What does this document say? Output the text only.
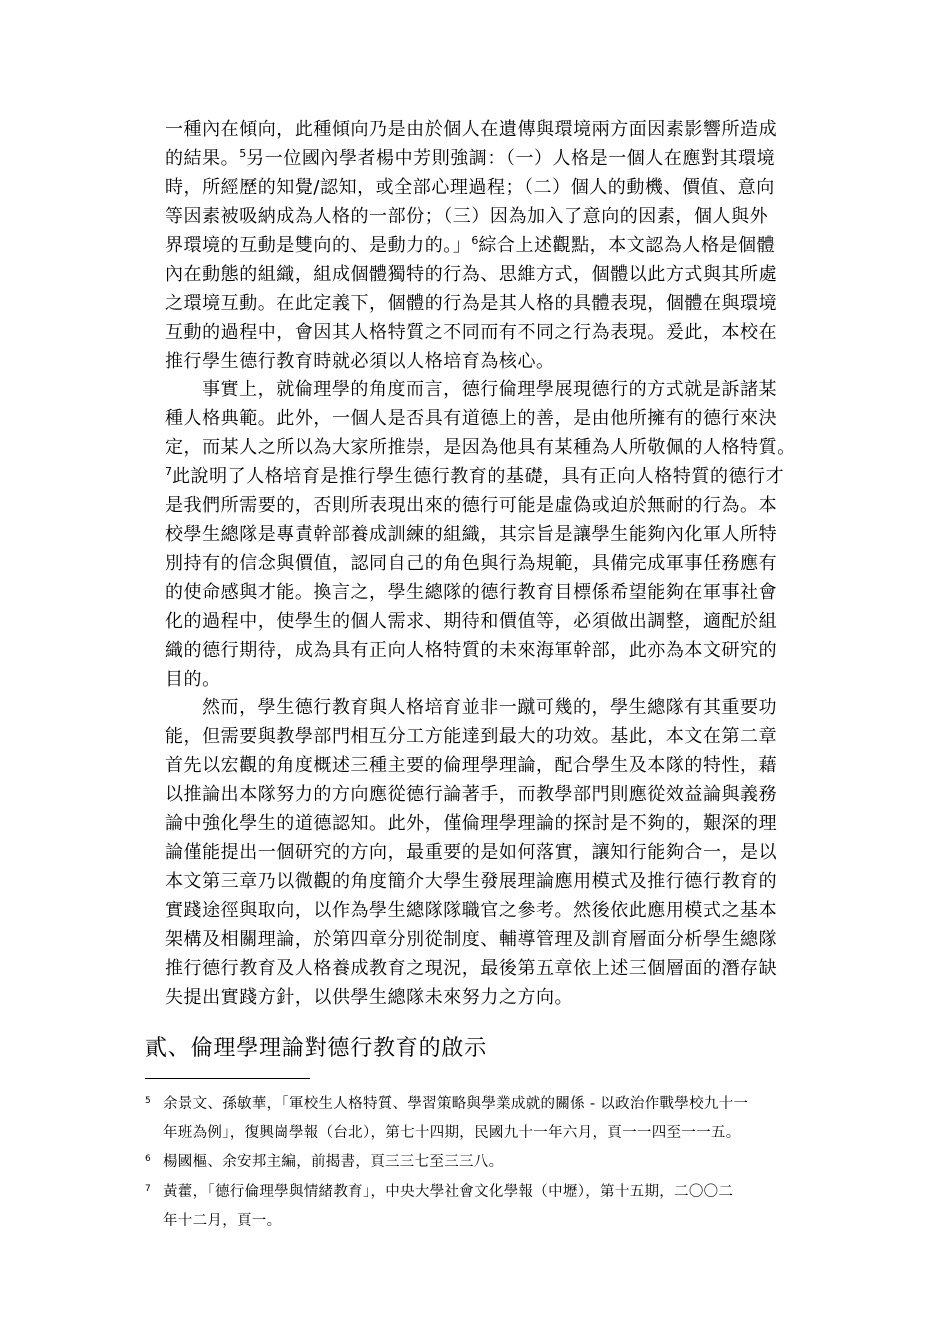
一種內在傾向，此種傾向乃是由於個人在遺傳與環境兩方面因素影響所造成
的結果。$^5$另一位國內學者楊中芳則強調：（一）人格是一個人在應對其環境
時，所經歷的知覺/認知，或全部心理過程；（二）個人的動機、價值、意向
等因素被吸納成為人格的一部份；（三）因為加入了意向的因素，個人與外
界環境的互動是雙向的、是動力的。」$^6$綜合上述觀點，本文認為人格是個體
內在動態的組織，組成個體獨特的行為、思維方式，個體以此方式與其所處
之環境互動。在此定義下，個體的行為是其人格的具體表現，個體在與環境
互動的過程中，會因其人格特質之不同而有不同之行為表現。爰此，本校在
推行學生德行教育時就必須以人格培育為核心。
事實上，就倫理學的角度而言，德行倫理學展現德行的方式就是訴諸某
種人格典範。此外，一個人是否具有道德上的善，是由他所擁有的德行來決
定，而某人之所以為大家所推崇，是因為他具有某種為人所敬佩的人格特質。
$^7$此說明了人格培育是推行學生德行教育的基礎，具有正向人格特質的德行才
是我們所需要的，否則所表現出來的德行可能是虛偽或迫於無耐的行為。本
校學生總隊是專責幹部養成訓練的組織，其宗旨是讓學生能夠內化軍人所特
別持有的信念與價值，認同自己的角色與行為規範，具備完成軍事任務應有
的使命感與才能。換言之，學生總隊的德行教育目標係希望能夠在軍事社會
化的過程中，使學生的個人需求、期待和價值等，必須做出調整，適配於組
織的德行期待，成為具有正向人格特質的未來海軍幹部，此亦為本文研究的
目的。
然而，學生德行教育與人格培育並非一蹴可幾的，學生總隊有其重要功
能，但需要與教學部門相互分工方能達到最大的功效。基此，本文在第二章
首先以宏觀的角度概述三種主要的倫理學理論，配合學生及本隊的特性，藉
以推論出本隊努力的方向應從德行論著手，而教學部門則應從效益論與義務
論中強化學生的道德認知。此外，僅倫理學理論的探討是不夠的，艱深的理
論僅能提出一個研究的方向，最重要的是如何落實，讓知行能夠合一，是以
本文第三章乃以微觀的角度簡介大學生發展理論應用模式及推行德行教育的
實踐途徑與取向，以作為學生總隊隊職官之參考。然後依此應用模式之基本
架構及相關理論，於第四章分別從制度、輔導管理及訓育層面分析學生總隊
推行德行教育及人格養成教育之現況，最後第五章依上述三個層面的潛存缺
失提出實踐方針，以供學生總隊未來努力之方向。
貳、倫理學理論對德行教育的啟示
5 余景文、孫敏華，「軍校生人格特質、學習策略與學業成就的關係 - 以政治作戰學校九十一
年班為例」，復興崗學報（台北），第七十四期，民國九十一年六月，頁一一四至一一五。
6 楊國樞、余安邦主編，前揭書，頁三三七至三三八。
7 黃藿，「德行倫理學與情緒教育」，中央大學社會文化學報（中壢），第十五期，二〇〇二
年十二月，頁一。
